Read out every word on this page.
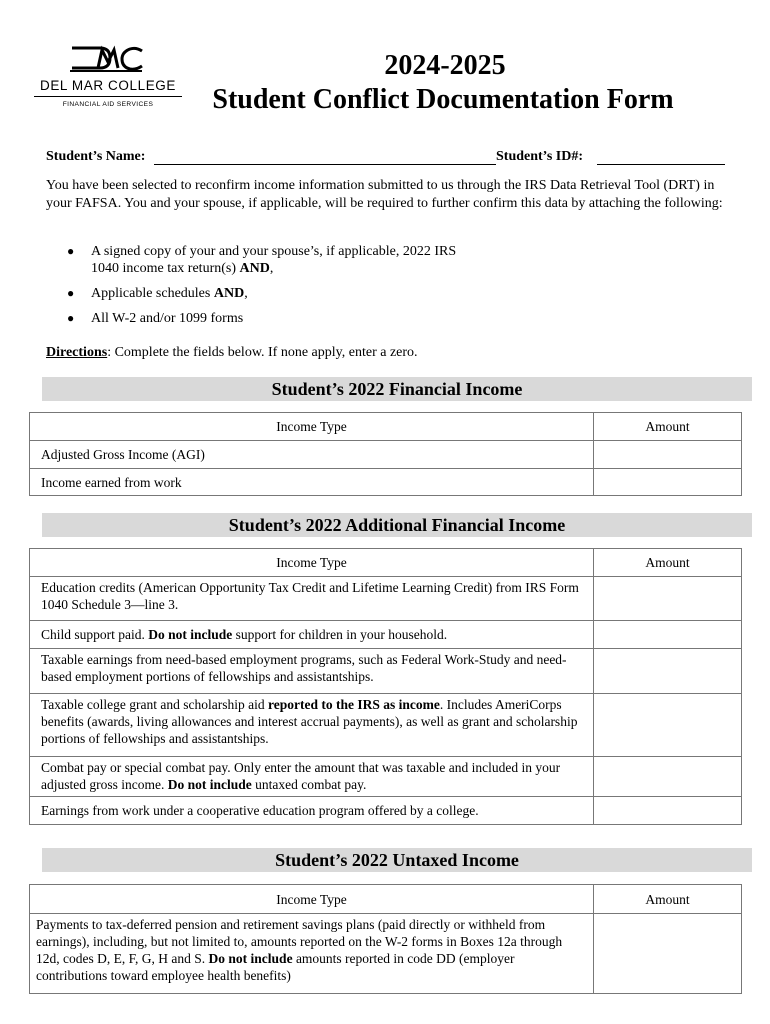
DEL MAR COLLEGE
FINANCIAL AID SERVICES
2024-2025
Student Conflict Documentation Form
Student’s Name:	Student’s ID#:
You have been selected to reconfirm income information submitted to us through the IRS Data Retrieval Tool (DRT) in your FAFSA. You and your spouse, if applicable, will be required to further confirm this data by attaching the following:
● A signed copy of your and your spouse’s, if applicable, 2022 IRS 1040 income tax return(s) AND,
● Applicable schedules AND,
● All W-2 and/or 1099 forms
Directions: Complete the fields below. If none apply, enter a zero.
Student’s 2022 Financial Income
Income Type	Amount
Adjusted Gross Income (AGI)	
Income earned from work	
Student’s 2022 Additional Financial Income
Income Type	Amount
Education credits (American Opportunity Tax Credit and Lifetime Learning Credit) from IRS Form 1040 Schedule 3—line 3.	
Child support paid. Do not include support for children in your household.	
Taxable earnings from need-based employment programs, such as Federal Work-Study and need-based employment portions of fellowships and assistantships.	
Taxable college grant and scholarship aid reported to the IRS as income. Includes AmeriCorps benefits (awards, living allowances and interest accrual payments), as well as grant and scholarship portions of fellowships and assistantships.	
Combat pay or special combat pay. Only enter the amount that was taxable and included in your adjusted gross income. Do not include untaxed combat pay.	
Earnings from work under a cooperative education program offered by a college.	
Student’s 2022 Untaxed Income
Income Type	Amount
Payments to tax-deferred pension and retirement savings plans (paid directly or withheld from earnings), including, but not limited to, amounts reported on the W-2 forms in Boxes 12a through 12d, codes D, E, F, G, H and S. Do not include amounts reported in code DD (employer contributions toward employee health benefits)	
